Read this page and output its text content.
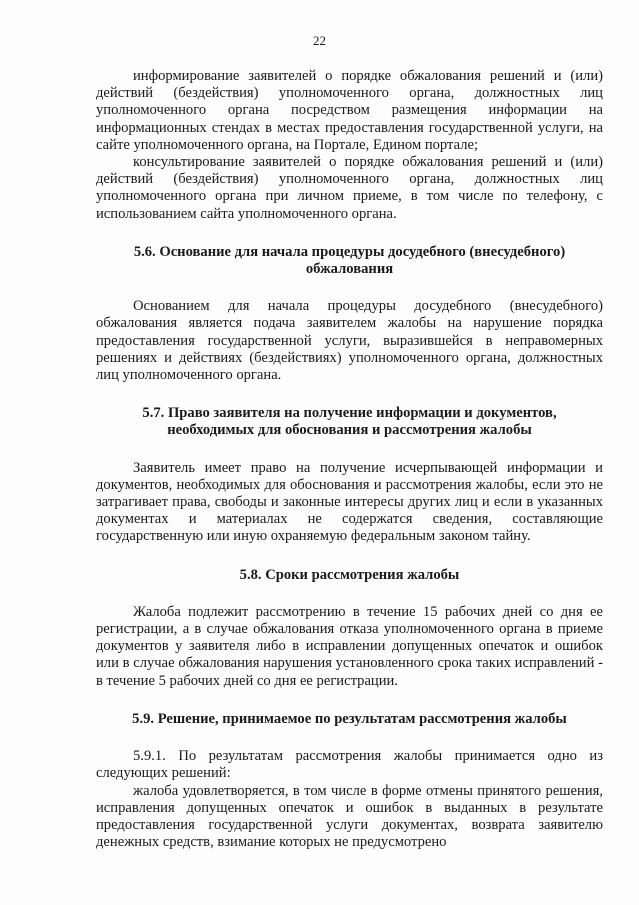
22

информирование заявителей о порядке обжалования решений и (или) действий (бездействия) уполномоченного органа, должностных лиц уполномоченного органа посредством размещения информации на информационных стендах в местах предоставления государственной услуги, на сайте уполномоченного органа, на Портале, Едином портале;

консультирование заявителей о порядке обжалования решений и (или) действий (бездействия) уполномоченного органа, должностных лиц уполномоченного органа при личном приеме, в том числе по телефону, с использованием сайта уполномоченного органа.

5.6. Основание для начала процедуры досудебного (внесудебного) обжалования

Основанием для начала процедуры досудебного (внесудебного) обжалования является подача заявителем жалобы на нарушение порядка предоставления государственной услуги, выразившейся в неправомерных решениях и действиях (бездействиях) уполномоченного органа, должностных лиц уполномоченного органа.

5.7. Право заявителя на получение информации и документов, необходимых для обоснования и рассмотрения жалобы

Заявитель имеет право на получение исчерпывающей информации и документов, необходимых для обоснования и рассмотрения жалобы, если это не затрагивает права, свободы и законные интересы других лиц и если в указанных документах и материалах не содержатся сведения, составляющие государственную или иную охраняемую федеральным законом тайну.

5.8. Сроки рассмотрения жалобы

Жалоба подлежит рассмотрению в течение 15 рабочих дней со дня ее регистрации, а в случае обжалования отказа уполномоченного органа в приеме документов у заявителя либо в исправлении допущенных опечаток и ошибок или в случае обжалования нарушения установленного срока таких исправлений - в течение 5 рабочих дней со дня ее регистрации.

5.9. Решение, принимаемое по результатам рассмотрения жалобы

5.9.1. По результатам рассмотрения жалобы принимается одно из следующих решений:

жалоба удовлетворяется, в том числе в форме отмены принятого решения, исправления допущенных опечаток и ошибок в выданных в результате предоставления государственной услуги документах, возврата заявителю денежных средств, взимание которых не предусмотрено
